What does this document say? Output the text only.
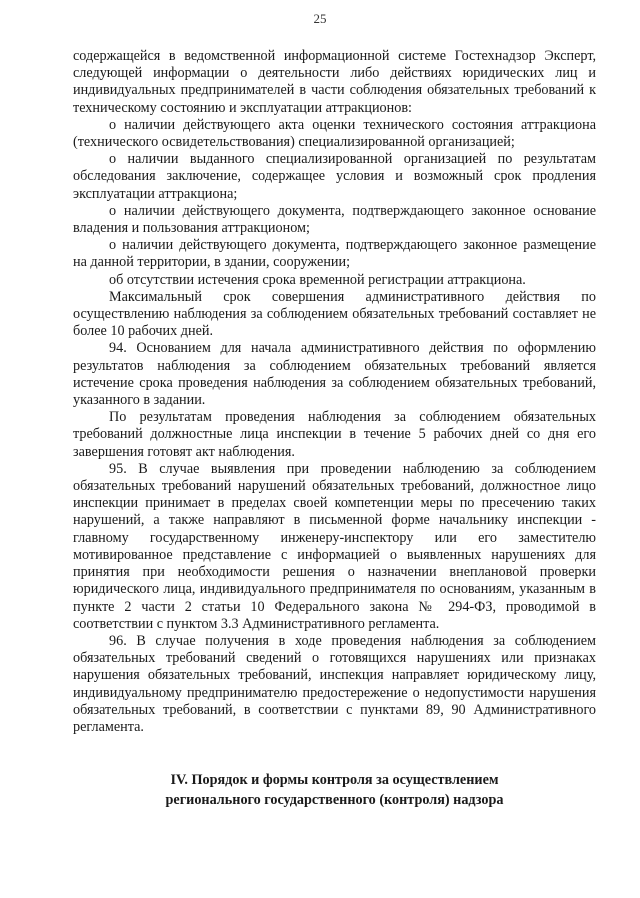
25

содержащейся в ведомственной информационной системе Гостехнадзор Эксперт, следующей информации о деятельности либо действиях юридических лиц и индивидуальных предпринимателей в части соблюдения обязательных требований к техническому состоянию и эксплуатации аттракционов:

о наличии действующего акта оценки технического состояния аттракциона (технического освидетельствования) специализированной организацией;

о наличии выданного специализированной организацией по результатам обследования заключение, содержащее условия и возможный срок продления эксплуатации аттракциона;

о наличии действующего документа, подтверждающего законное основание владения и пользования аттракционом;

о наличии действующего документа, подтверждающего законное размещение на данной территории, в здании, сооружении;

об отсутствии истечения срока временной регистрации аттракциона.

Максимальный срок совершения административного действия по осуществлению наблюдения за соблюдением обязательных требований составляет не более 10 рабочих дней.

94. Основанием для начала административного действия по оформлению результатов наблюдения за соблюдением обязательных требований является истечение срока проведения наблюдения за соблюдением обязательных требований, указанного в задании.

По результатам проведения наблюдения за соблюдением обязательных требований должностные лица инспекции в течение 5 рабочих дней со дня его завершения готовят акт наблюдения.

95. В случае выявления при проведении наблюдению за соблюдением обязательных требований нарушений обязательных требований, должностное лицо инспекции принимает в пределах своей компетенции меры по пресечению таких нарушений, а также направляют в письменной форме начальнику инспекции - главному государственному инженеру-инспектору или его заместителю мотивированное представление с информацией о выявленных нарушениях для принятия при необходимости решения о назначении внеплановой проверки юридического лица, индивидуального предпринимателя по основаниям, указанным в пункте 2 части 2 статьи 10 Федерального закона № 294-ФЗ, проводимой в соответствии с пунктом 3.3 Административного регламента.

96. В случае получения в ходе проведения наблюдения за соблюдением обязательных требований сведений о готовящихся нарушениях или признаках нарушения обязательных требований, инспекция направляет юридическому лицу, индивидуальному предпринимателю предостережение о недопустимости нарушения обязательных требований, в соответствии с пунктами 89, 90 Административного регламента.

IV. Порядок и формы контроля за осуществлением
регионального государственного (контроля) надзора
